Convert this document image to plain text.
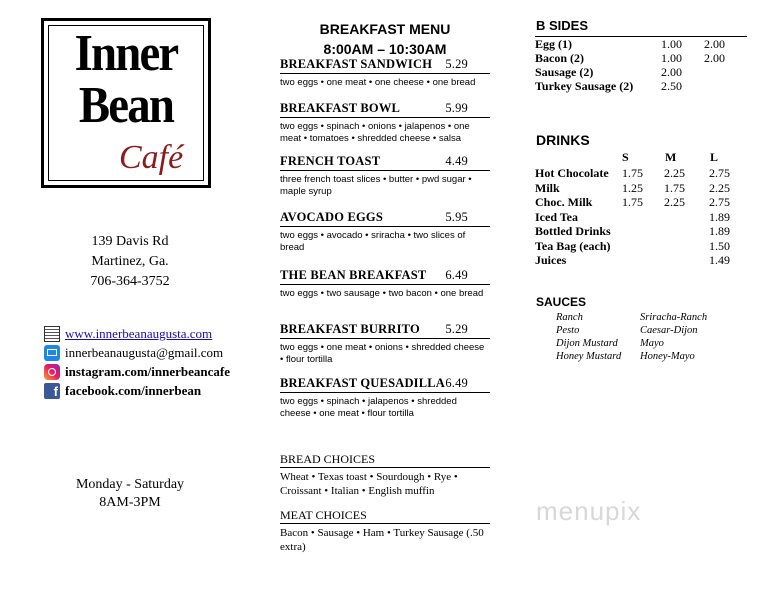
Inner
Bean
Café
139 Davis Rd
Martinez, Ga.
706-364-3752
www.innerbeanaugusta.com
innerbeanaugusta@gmail.com
instagram.com/innerbeancafe
f facebook.com/innerbean
Monday - Saturday
8AM-3PM
BREAKFAST MENU
8:00AM – 10:30AM
BREAKFAST SANDWICH 5.29
two eggs • one meat • one cheese • one bread
BREAKFAST BOWL	5.99
two eggs • spinach • onions • jalapenos • one meat • tomatoes • shredded cheese • salsa
FRENCH TOAST	4.49
three french toast slices • butter • pwd sugar • maple syrup
AVOCADO EGGS	5.95
two eggs • avocado • sriracha • two slices of bread
THE BEAN BREAKFAST 6.49
two eggs • two sausage • two bacon • one bread
BREAKFAST BURRITO 5.29
two eggs • one meat • onions • shredded cheese • flour tortilla
BREAKFAST QUESADILLA 6.49
two eggs • spinach • jalapenos • shredded cheese • one meat • flour tortilla
BREAD CHOICES
Wheat • Texas toast • Sourdough • Rye • Croissant • Italian • English muffin
MEAT CHOICES
Bacon • Sausage • Ham • Turkey Sausage (.50 extra)
B SIDES
Egg (1)	1.00	2.00
Bacon (2)	1.00	2.00
Sausage (2)	2.00	
Turkey Sausage (2)	2.50	
DRINKS
	S	M	L
Hot Chocolate	1.75	2.25	2.75
Milk	1.25	1.75	2.25
Choc. Milk	1.75	2.25	2.75
Iced Tea			1.89
Bottled Drinks			1.89
Tea Bag (each)			1.50
Juices			1.49
SAUCES
Ranch	Sriracha-Ranch
Pesto	Caesar-Dijon
Dijon Mustard	Mayo
Honey Mustard	Honey-Mayo
menupix
